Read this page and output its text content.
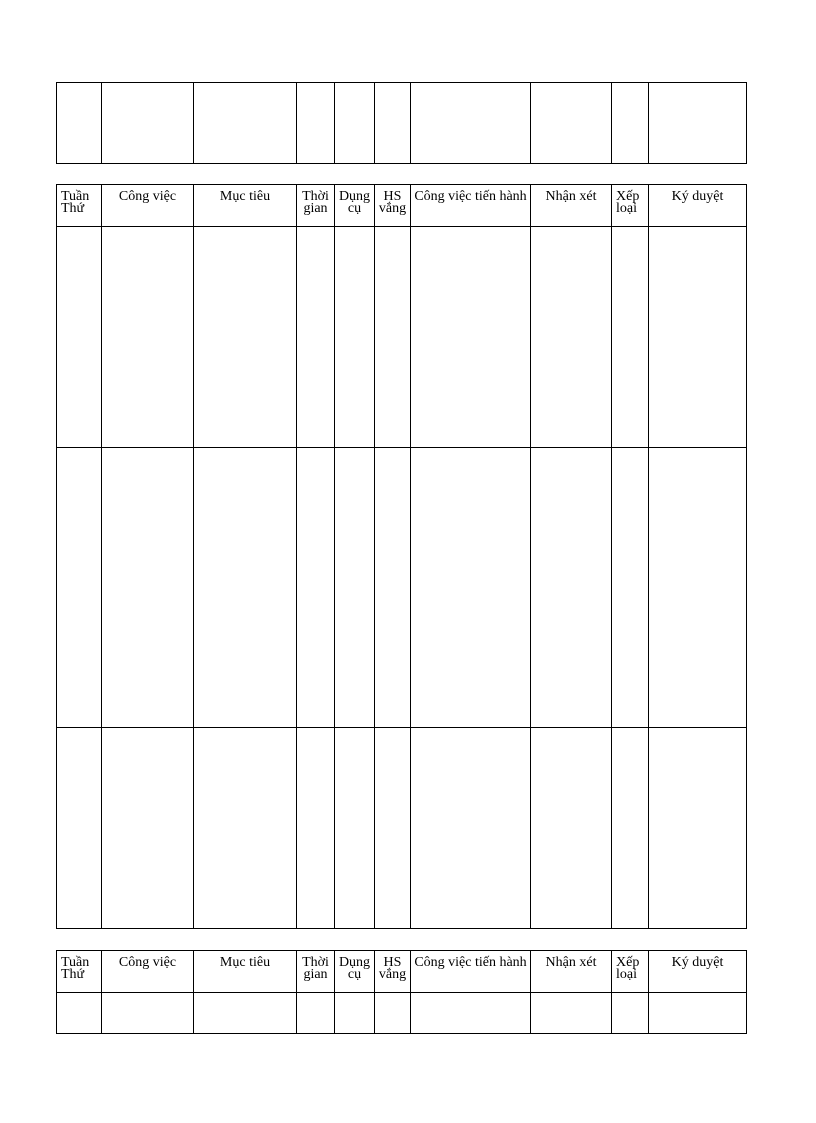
Tuần Thứ	Công việc	Mục tiêu	Thời gian	Dụng cụ	HS vắng	Công việc tiến hành	Nhận xét	Xếp loại	Ký duyệt

Tuần Thứ	Công việc	Mục tiêu	Thời gian	Dụng cụ	HS vắng	Công việc tiến hành	Nhận xét	Xếp loại	Ký duyệt
